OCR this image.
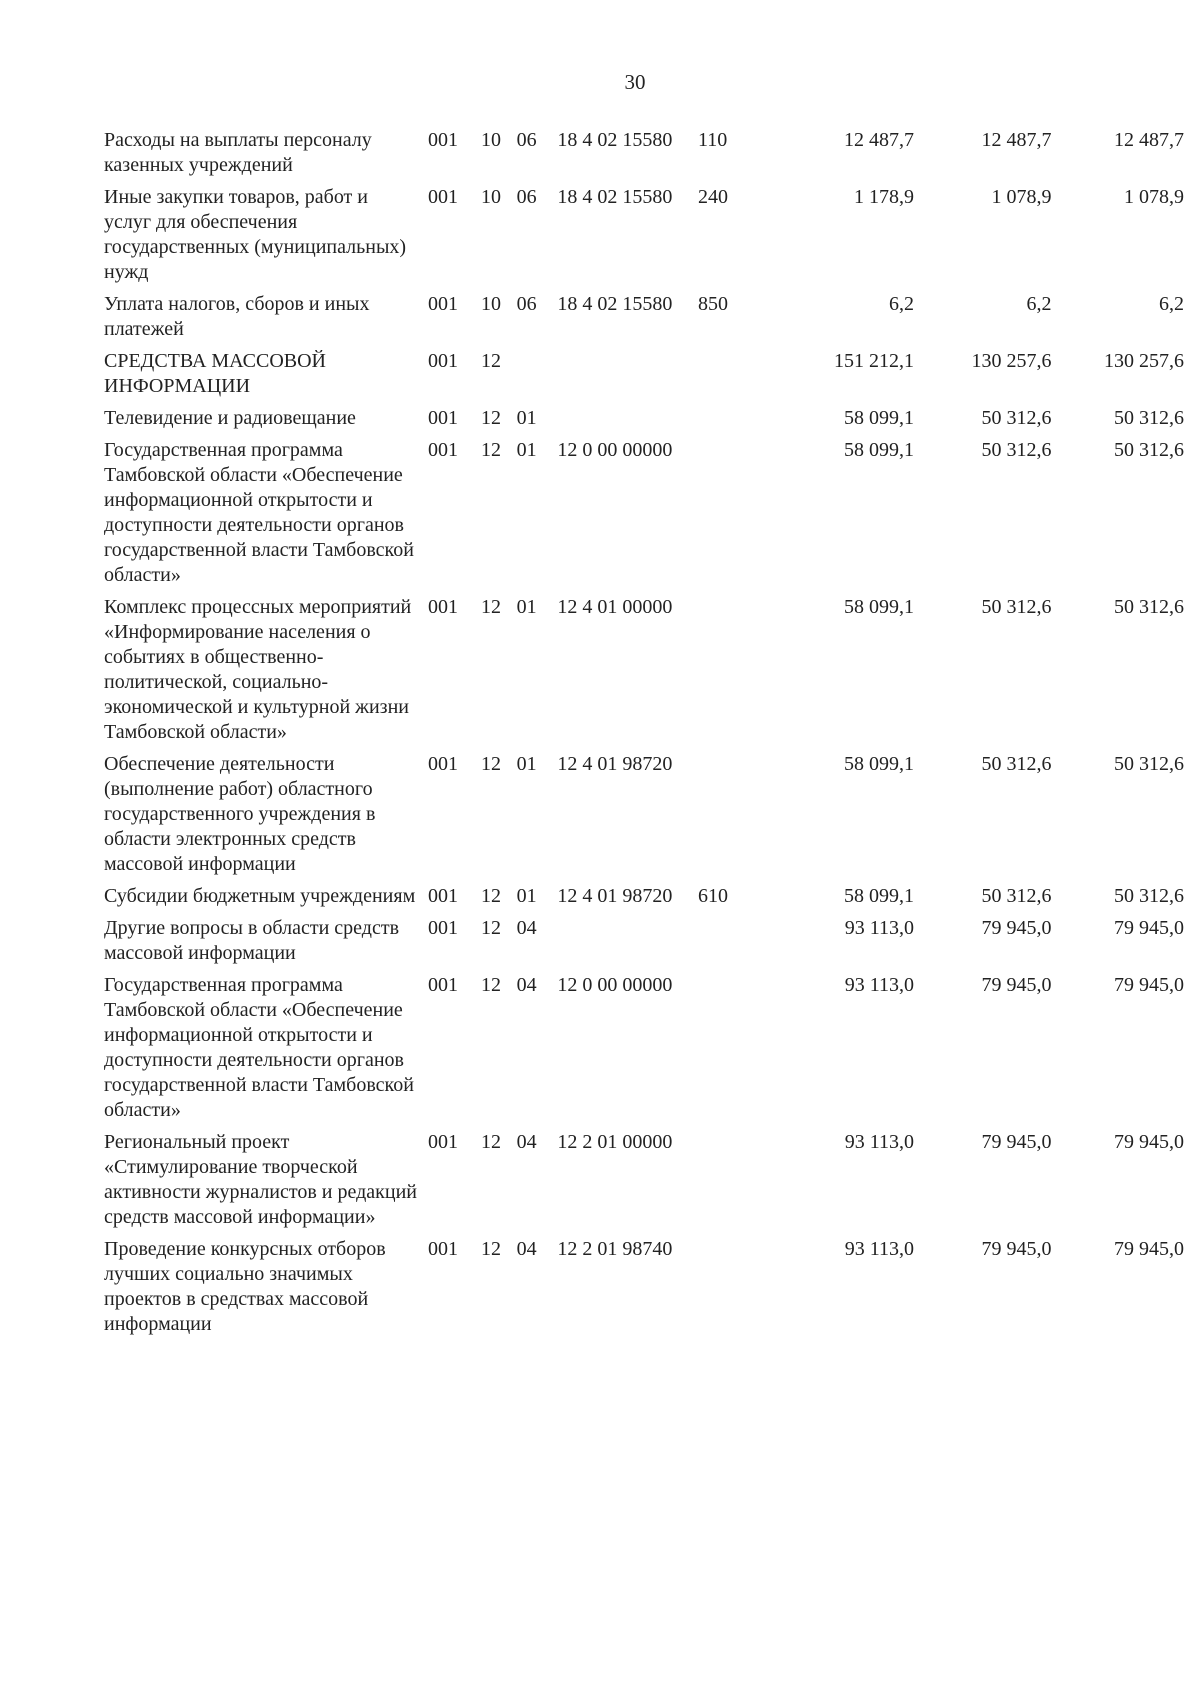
30
Расходы на выплаты персоналу казенных учреждений	001	10	06	18 4 02 15580	110	12 487,7	12 487,7	12 487,7
Иные закупки товаров, работ и услуг для обеспечения государственных (муниципальных) нужд	001	10	06	18 4 02 15580	240	1 178,9	1 078,9	1 078,9
Уплата налогов, сборов и иных платежей	001	10	06	18 4 02 15580	850	6,2	6,2	6,2
СРЕДСТВА МАССОВОЙ ИНФОРМАЦИИ	001	12				151 212,1	130 257,6	130 257,6
Телевидение и радиовещание	001	12	01			58 099,1	50 312,6	50 312,6
Государственная программа Тамбовской области «Обеспечение информационной открытости и доступности деятельности органов государственной власти Тамбовской области»	001	12	01	12 0 00 00000		58 099,1	50 312,6	50 312,6
Комплекс процессных мероприятий «Информирование населения о событиях в общественно-политической, социально-экономической и культурной жизни Тамбовской области»	001	12	01	12 4 01 00000		58 099,1	50 312,6	50 312,6
Обеспечение деятельности (выполнение работ) областного государственного учреждения в области электронных средств массовой информации	001	12	01	12 4 01 98720		58 099,1	50 312,6	50 312,6
Субсидии бюджетным учреждениям	001	12	01	12 4 01 98720	610	58 099,1	50 312,6	50 312,6
Другие вопросы в области средств массовой информации	001	12	04			93 113,0	79 945,0	79 945,0
Государственная программа Тамбовской области «Обеспечение информационной открытости и доступности деятельности органов государственной власти Тамбовской области»	001	12	04	12 0 00 00000		93 113,0	79 945,0	79 945,0
Региональный проект «Стимулирование творческой активности журналистов и редакций средств массовой информации»	001	12	04	12 2 01 00000		93 113,0	79 945,0	79 945,0
Проведение конкурсных отборов лучших социально значимых проектов в средствах массовой информации	001	12	04	12 2 01 98740		93 113,0	79 945,0	79 945,0
